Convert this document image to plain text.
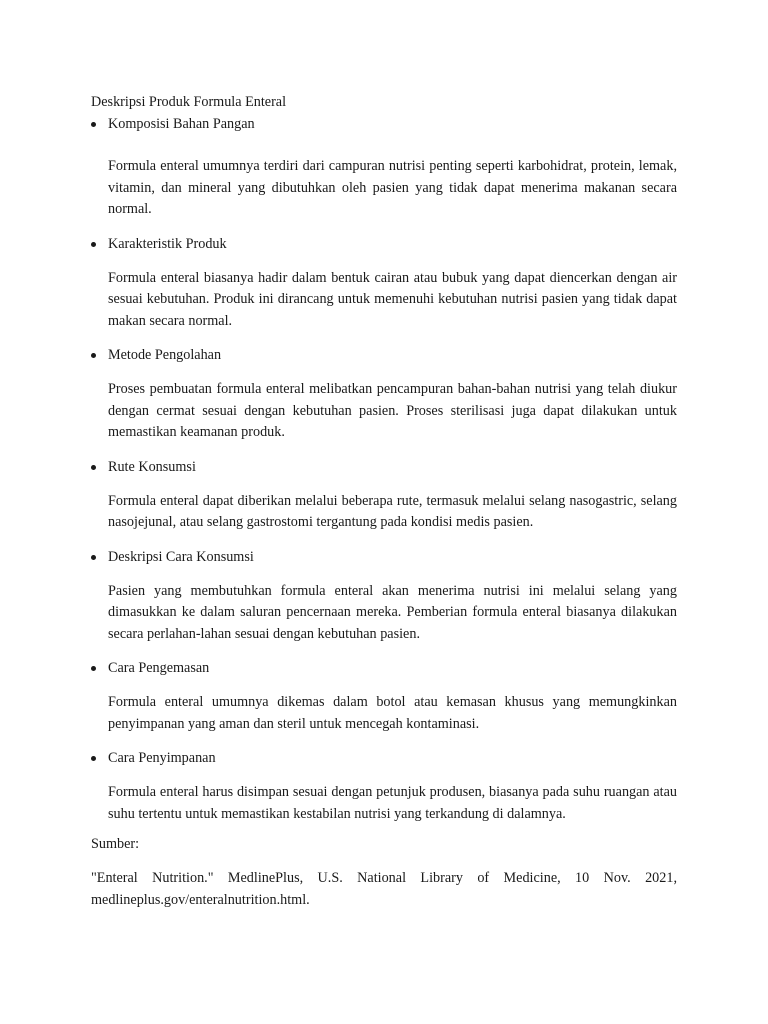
Deskripsi Produk Formula Enteral
Komposisi Bahan Pangan
Formula enteral umumnya terdiri dari campuran nutrisi penting seperti karbohidrat, protein, lemak, vitamin, dan mineral yang dibutuhkan oleh pasien yang tidak dapat menerima makanan secara normal.
Karakteristik Produk
Formula enteral biasanya hadir dalam bentuk cairan atau bubuk yang dapat diencerkan dengan air sesuai kebutuhan. Produk ini dirancang untuk memenuhi kebutuhan nutrisi pasien yang tidak dapat makan secara normal.
Metode Pengolahan
Proses pembuatan formula enteral melibatkan pencampuran bahan-bahan nutrisi yang telah diukur dengan cermat sesuai dengan kebutuhan pasien. Proses sterilisasi juga dapat dilakukan untuk memastikan keamanan produk.
Rute Konsumsi
Formula enteral dapat diberikan melalui beberapa rute, termasuk melalui selang nasogastric, selang nasojejunal, atau selang gastrostomi tergantung pada kondisi medis pasien.
Deskripsi Cara Konsumsi
Pasien yang membutuhkan formula enteral akan menerima nutrisi ini melalui selang yang dimasukkan ke dalam saluran pencernaan mereka. Pemberian formula enteral biasanya dilakukan secara perlahan-lahan sesuai dengan kebutuhan pasien.
Cara Pengemasan
Formula enteral umumnya dikemas dalam botol atau kemasan khusus yang memungkinkan penyimpanan yang aman dan steril untuk mencegah kontaminasi.
Cara Penyimpanan
Formula enteral harus disimpan sesuai dengan petunjuk produsen, biasanya pada suhu ruangan atau suhu tertentu untuk memastikan kestabilan nutrisi yang terkandung di dalamnya.
Sumber:
"Enteral Nutrition." MedlinePlus, U.S. National Library of Medicine, 10 Nov. 2021, medlineplus.gov/enteralnutrition.html.
